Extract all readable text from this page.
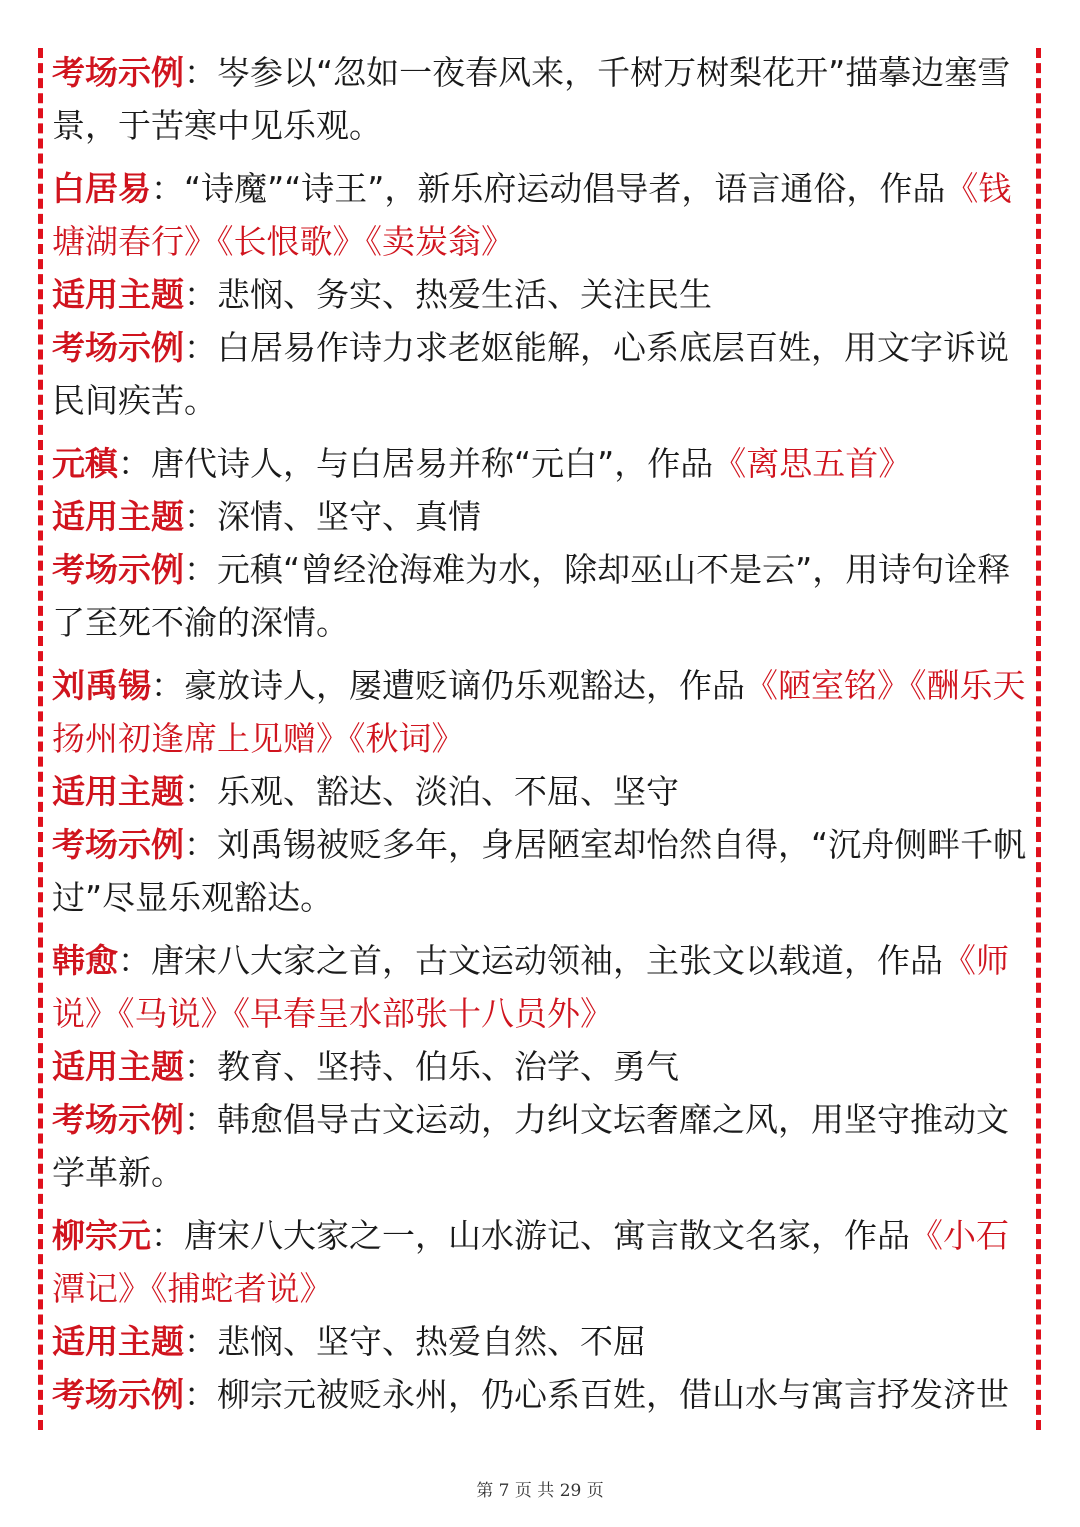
考场示例：岑参以“忽如一夜春风来，千树万树梨花开”描摹边塞雪景，于苦寒中见乐观。

白居易：“诗魔”“诗王”，新乐府运动倡导者，语言通俗，作品《钱塘湖春行》《长恨歌》《卖炭翁》

适用主题：悲悯、务实、热爱生活、关注民生

考场示例：白居易作诗力求老妪能解，心系底层百姓，用文字诉说民间疾苦。

元稹：唐代诗人，与白居易并称“元白”，作品《离思五首》

适用主题：深情、坚守、真情

考场示例：元稹“曾经沧海难为水，除却巫山不是云”，用诗句诠释了至死不渝的深情。

刘禹锡：豪放诗人，屡遭贬谪仍乐观豁达，作品《陋室铭》《酬乐天扬州初逢席上见赠》《秋词》

适用主题：乐观、豁达、淡泊、不屈、坚守

考场示例：刘禹锡被贬多年，身居陋室却怡然自得，“沉舟侧畔千帆过”尽显乐观豁达。

韩愈：唐宋八大家之首，古文运动领袖，主张文以载道，作品《师说》《马说》《早春呈水部张十八员外》

适用主题：教育、坚持、伯乐、治学、勇气

考场示例：韩愈倡导古文运动，力纠文坛奢靡之风，用坚守推动文学革新。

柳宗元：唐宋八大家之一，山水游记、寓言散文名家，作品《小石潭记》《捕蛇者说》

适用主题：悲悯、坚守、热爱自然、不屈

考场示例：柳宗元被贬永州，仍心系百姓，借山水与寓言抒发济世

第 7 页 共 29 页
